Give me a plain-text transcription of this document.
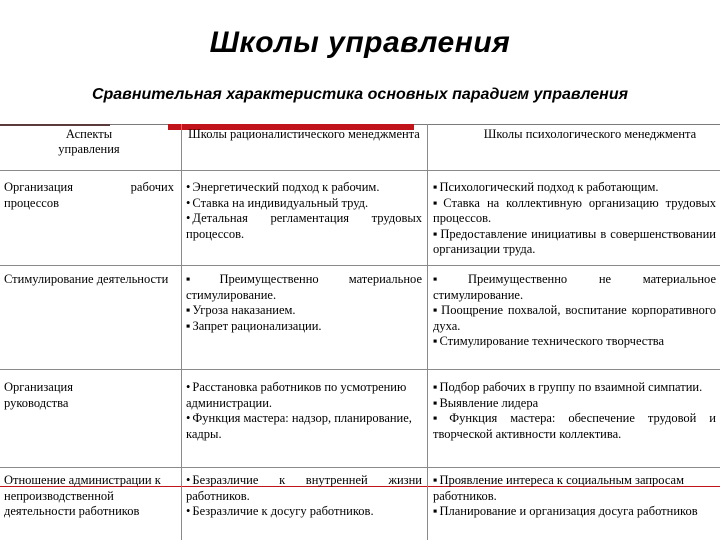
Школы управления
Сравнительная характеристика основных парадигм управления
Аспекты управления
Школы рационалистического менеджмента	Школы психологического менеджмента
Организация рабочих процессов

• Энергетический подход к рабочим.

• Ставка на индивидуальный труд.

• Детальная регламентация трудовых процессов.

▪ Психологический подход к работающим.

▪ Ставка на коллективную организацию трудовых процессов.

▪ Предоставление инициативы в совершенствовании организации труда.

Стимулирование деятельности	▪ Преимущественно материальное стимулирование.

▪ Угроза наказанием.

▪ Запрет рационализации.

▪ Преимущественно не материальное стимулирование.

▪ Поощрение похвалой, воспитание корпоративного духа.

▪ Стимулирование технического творчества

Организация руководства

• Расстановка работников по усмотрению администрации.

• Функция мастера: надзор, планирование, кадры.

▪ Подбор рабочих в группу по взаимной симпатии.

▪ Выявление лидера

▪ Функция мастера: обеспечение трудовой и творческой активности коллектива.

Отношение администрации к непроизводственной деятельности работников

• Безразличие к внутренней жизни работников.

• Безразличие к досугу работников.

▪ Проявление интереса к социальным запросам работников.

▪ Планирование и организация досуга работников
